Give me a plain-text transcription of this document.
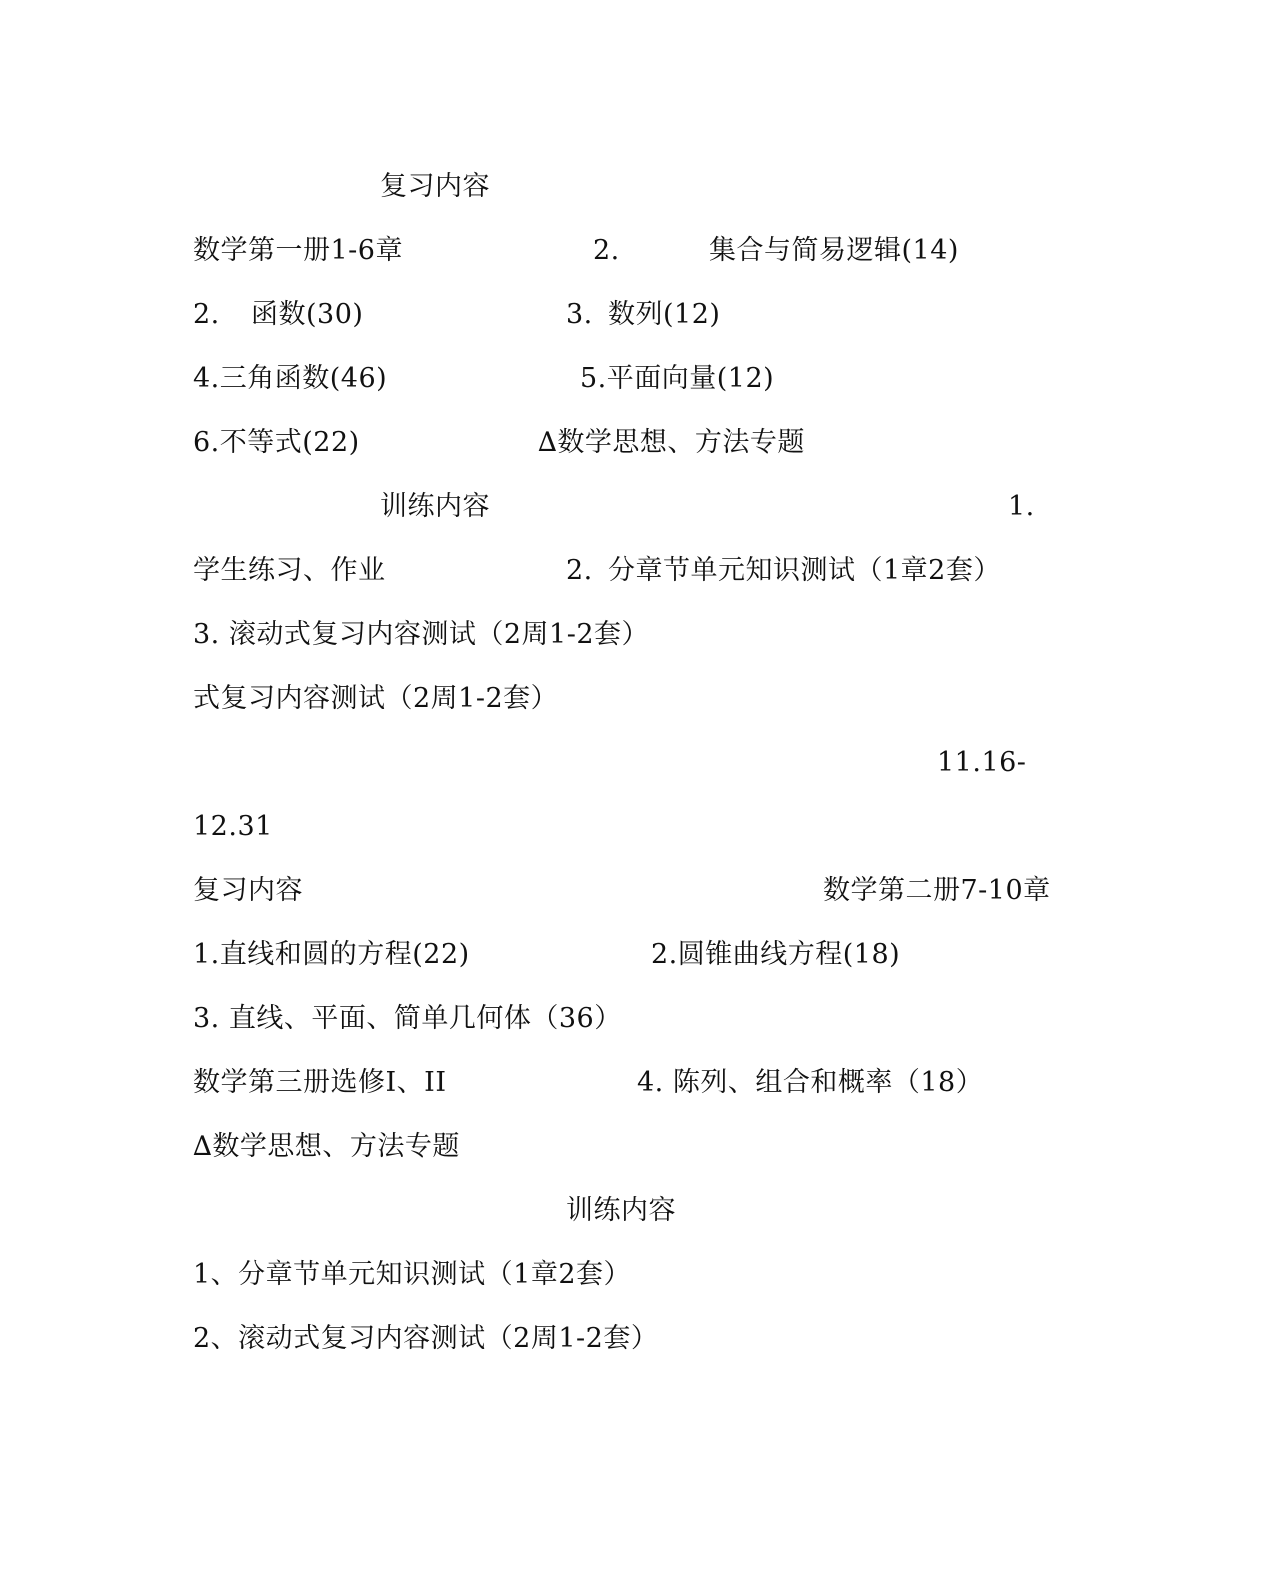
复习内容
数学第一册1-6章	2.	集合与简易逻辑(14)
2. 函数(30)	3. 数列(12)
4.三角函数(46)	5.平面向量(12)
6.不等式(22)	∆数学思想、方法专题
训练内容	1.
学生练习、作业	2. 分章节单元知识测试（1章2套）
3. 滚动式复习内容测试（2周1-2套）
式复习内容测试（2周1-2套）
11.16-
12.31
复习内容	数学第二册7-10章
1.直线和圆的方程(22)	2.圆锥曲线方程(18)
3. 直线、平面、简单几何体（36）
数学第三册选修I、II	4. 陈列、组合和概率（18）
∆数学思想、方法专题
训练内容
1、分章节单元知识测试（1章2套）
2、滚动式复习内容测试（2周1-2套）
